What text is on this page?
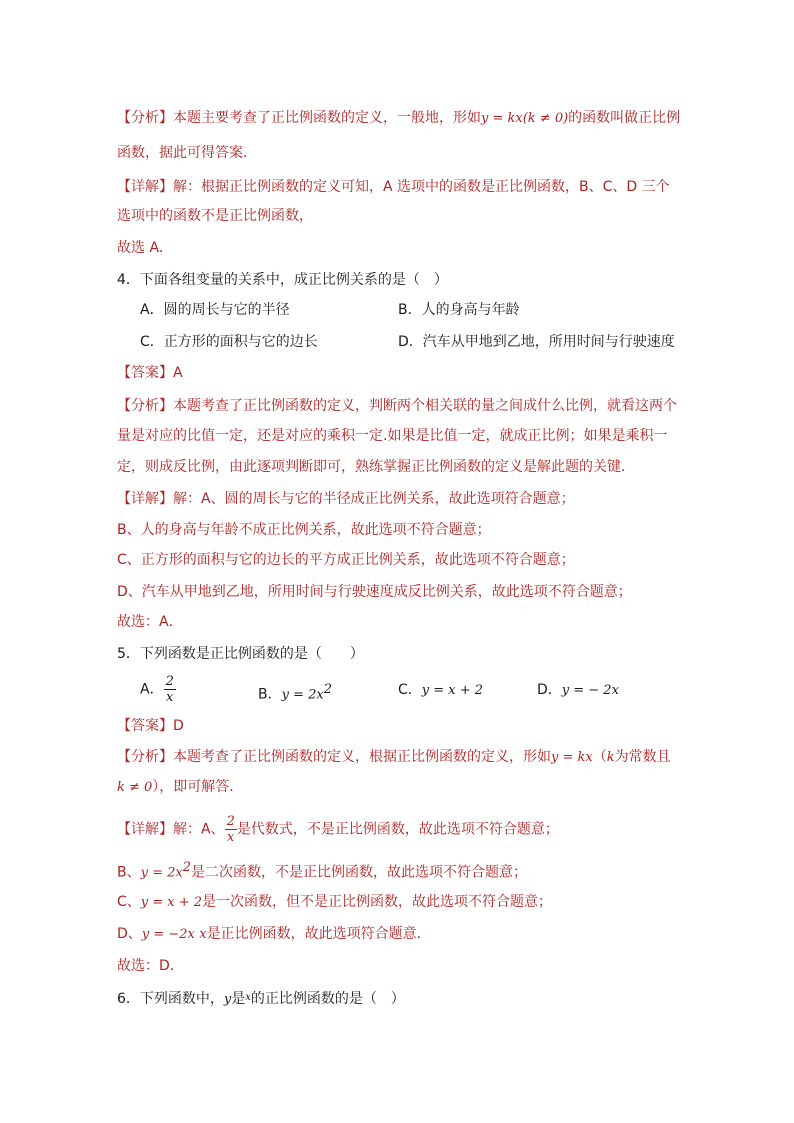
【分析】本题主要考查了正比例函数的定义，一般地，形如y = kx(k ≠ 0)的函数叫做正比例
函数，据此可得答案．
【详解】解：根据正比例函数的定义可知，A 选项中的函数是正比例函数，B、C、D 三个
选项中的函数不是正比例函数，
故选 A．
4．下面各组变量的关系中，成正比例关系的是（　）
A．圆的周长与它的半径	B．人的身高与年龄
C．正方形的面积与它的边长	D．汽车从甲地到乙地，所用时间与行驶速度
【答案】A
【分析】本题考查了正比例函数的定义，判断两个相关联的量之间成什么比例，就看这两个
量是对应的比值一定，还是对应的乘积一定.如果是比值一定，就成正比例；如果是乘积一
定，则成反比例，由此逐项判断即可，熟练掌握正比例函数的定义是解此题的关键．
【详解】解：A、圆的周长与它的半径成正比例关系，故此选项符合题意；
B、人的身高与年龄不成正比例关系，故此选项不符合题意；
C、正方形的面积与它的边长的平方成正比例关系，故此选项不符合题意；
D、汽车从甲地到乙地，所用时间与行驶速度成反比例关系，故此选项不符合题意；
故选：A．
5．下列函数是正比例函数的是（　　）
A． $\frac{2}{x}$	B．$y = 2x^2$	C．y = x + 2	D．y = − 2x
【答案】D
【分析】本题考查了正比例函数的定义，根据正比例函数的定义，形如y = kx（k为常数且
k ≠ 0），即可解答．
【详解】解：A、 $\frac{2}{x}$ 是代数式，不是正比例函数，故此选项不符合题意；
B、$y = 2x^2$是二次函数，不是正比例函数，故此选项不符合题意；
C、y = x + 2是一次函数，但不是正比例函数，故此选项不符合题意；
D、y = −2x x是正比例函数，故此选项符合题意．
故选：D．
6．下列函数中，y是$^x$的正比例函数的是（　）
